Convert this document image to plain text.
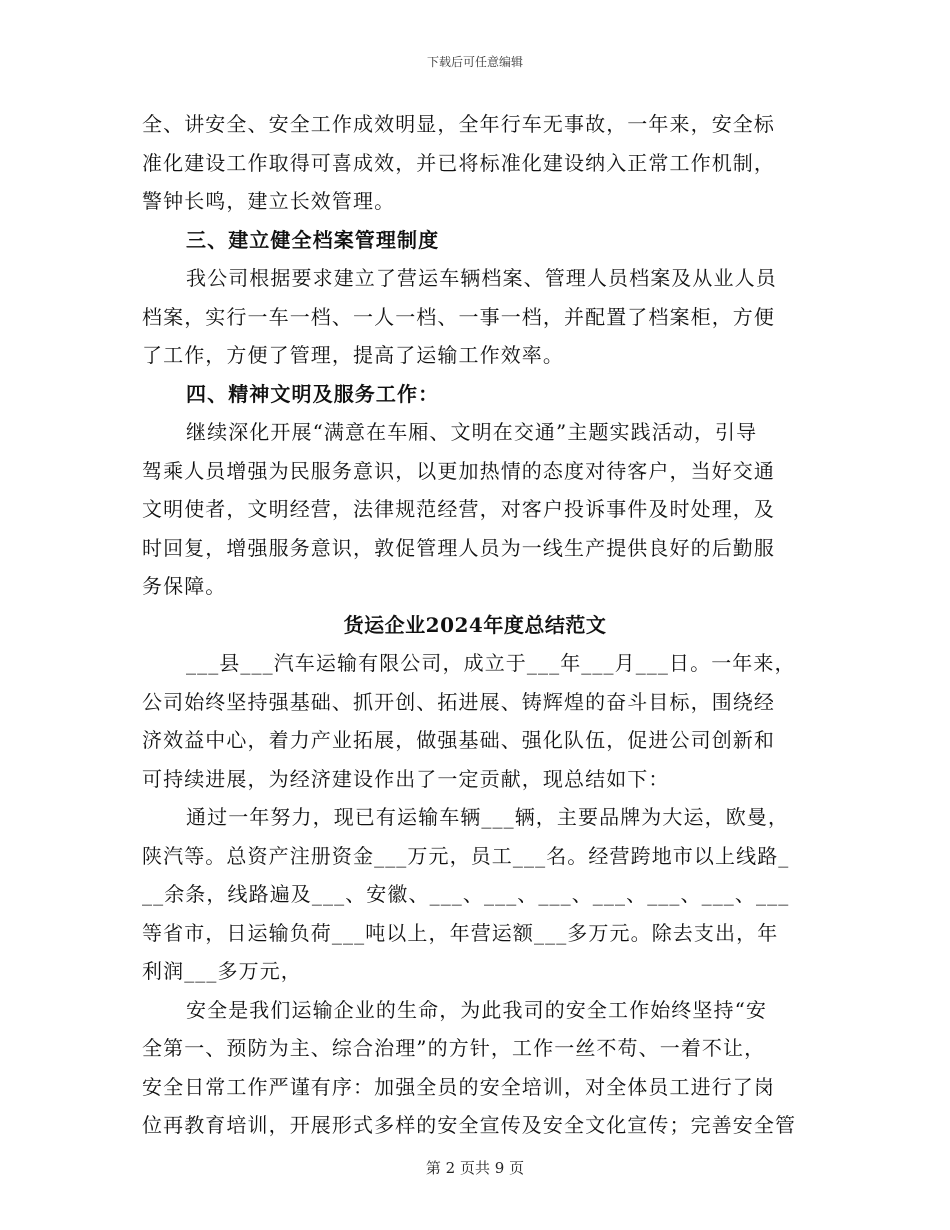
下载后可任意编辑
全、讲安全、安全工作成效明显，全年行车无事故，一年来，安全标
准化建设工作取得可喜成效，并已将标准化建设纳入正常工作机制，
警钟长鸣，建立长效管理。
三、建立健全档案管理制度
我公司根据要求建立了营运车辆档案、管理人员档案及从业人员
档案，实行一车一档、一人一档、一事一档，并配置了档案柜，方便
了工作，方便了管理，提高了运输工作效率。
四、精神文明及服务工作：
继续深化开展“满意在车厢、文明在交通”主题实践活动，引导
驾乘人员增强为民服务意识，以更加热情的态度对待客户，当好交通
文明使者，文明经营，法律规范经营，对客户投诉事件及时处理，及
时回复，增强服务意识，敦促管理人员为一线生产提供良好的后勤服
务保障。
货运企业2024年度总结范文
___县___汽车运输有限公司，成立于___年___月___日。一年来，
公司始终坚持强基础、抓开创、拓进展、铸辉煌的奋斗目标，围绕经
济效益中心，着力产业拓展，做强基础、强化队伍，促进公司创新和
可持续进展，为经济建设作出了一定贡献，现总结如下：
通过一年努力，现已有运输车辆___辆，主要品牌为大运，欧曼，
陕汽等。总资产注册资金___万元，员工___名。经营跨地市以上线路_
__余条，线路遍及___、安徽、___、___、___、___、___、___、___
等省市，日运输负荷___吨以上，年营运额___多万元。除去支出，年
利润___多万元，
安全是我们运输企业的生命，为此我司的安全工作始终坚持“安
全第一、预防为主、综合治理”的方针，工作一丝不苟、一着不让，
安全日常工作严谨有序：加强全员的安全培训，对全体员工进行了岗
位再教育培训，开展形式多样的安全宣传及安全文化宣传；完善安全管
第 2 页共 9 页
